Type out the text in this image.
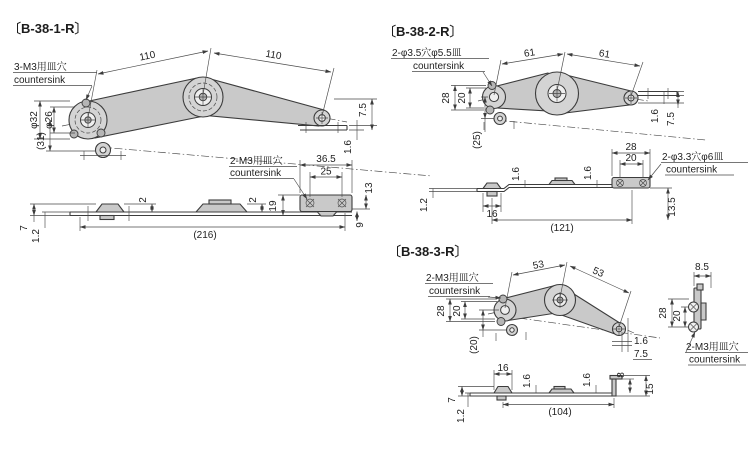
〔B-38-1-R〕
110	110
3-M3用皿穴
countersink
φ32 φ26
(31)
7.5
1.6
7
1.2
2	2
19
13
9
36.5
25
2-M3用皿穴
countersink
(216)
〔B-38-2-R〕
61	61
2-φ3.5穴φ5.5皿
countersink
28 20
(25)
1.6 7.5
1.2
16
1.6	1.6
28
20	2-φ3.3穴φ6皿
countersink
13.5
(121)
〔B-38-3-R〕
53	53
2-M3用皿穴
countersink
28 20
(20)	1.6
7.5
8.5
28 20
2-M3用皿穴
countersink
16
1.6	1.6 8
15
7
1.2	(104)
